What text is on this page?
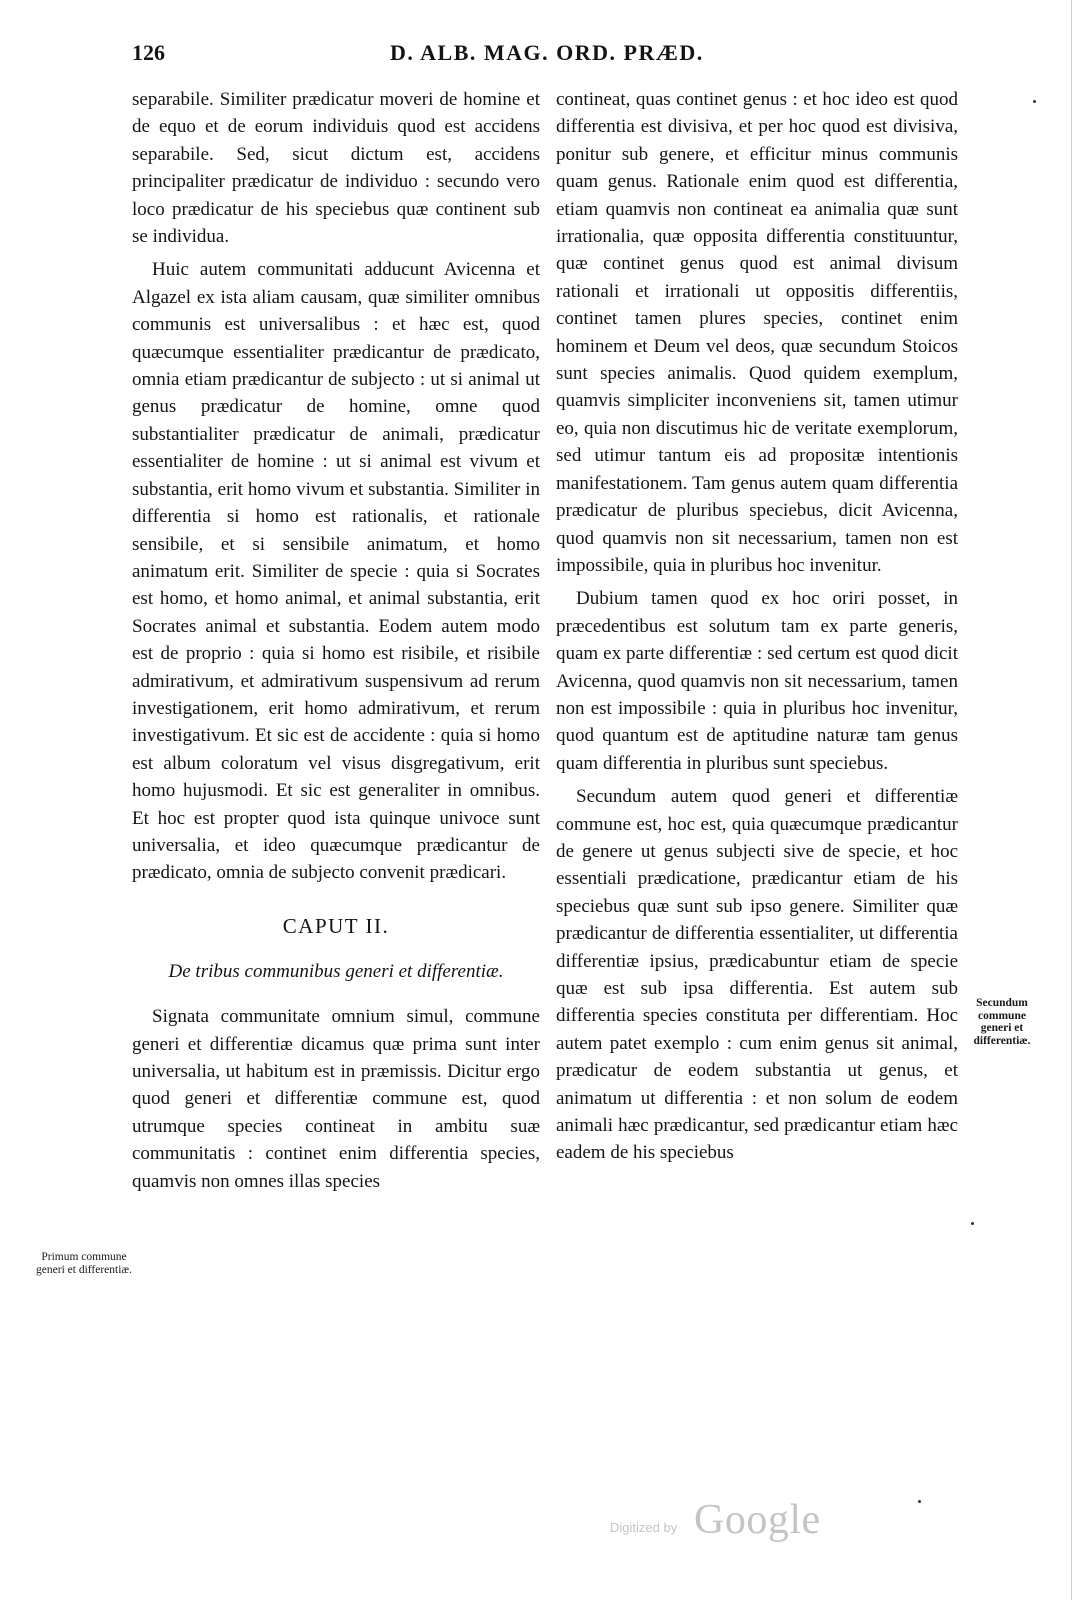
126	D. ALB. MAG. ORD. PRÆD.

separabile. Similiter prædicatur moveri de homine et de equo et de eorum individuis quod est accidens separabile. Sed, sicut dictum est, accidens principaliter prædicatur de individuo : secundo vero loco prædicatur de his speciebus quæ continent sub se individua.

Huic autem communitati adducunt Avicenna et Algazel ex ista aliam causam, quæ similiter omnibus communis est universalibus : et hæc est, quod quæcumque essentialiter prædicantur de prædicato, omnia etiam prædicantur de subjecto : ut si animal ut genus prædicatur de homine, omne quod substantialiter prædicatur de animali, prædicatur essentialiter de homine : ut si animal est vivum et substantia, erit homo vivum et substantia. Similiter in differentia si homo est rationalis, et rationale sensibile, et si sensibile animatum, et homo animatum erit. Similiter de specie : quia si Socrates est homo, et homo animal, et animal substantia, erit Socrates animal et substantia. Eodem autem modo est de proprio : quia si homo est risibile, et risibile admirativum, et admirativum suspensivum ad rerum investigationem, erit homo admirativum, et rerum investigativum. Et sic est de accidente : quia si homo est album coloratum vel visus disgregativum, erit homo hujusmodi. Et sic est generaliter in omnibus. Et hoc est propter quod ista quinque univoce sunt universalia, et ideo quæcumque prædicantur de prædicato, omnia de subjecto convenit prædicari.

CAPUT II.
De tribus communibus generi et differentiæ.

Signata communitate omnium simul, commune generi et differentiæ dicamus quæ prima sunt inter universalia, ut habitum est in præmissis. Dicitur ergo quod generi et differentiæ commune est, quod utrumque species contineat in ambitu suæ communitatis : continet enim differentia species, quamvis non omnes illas species

contineat, quas continet genus : et hoc ideo est quod differentia est divisiva, et per hoc quod est divisiva, ponitur sub genere, et efficitur minus communis quam genus. Rationale enim quod est differentia, etiam quamvis non contineat ea animalia quæ sunt irrationalia, quæ opposita differentia constituuntur, quæ continet genus quod est animal divisum rationali et irrationali ut oppositis differentiis, continet tamen plures species, continet enim hominem et Deum vel deos, quæ secundum Stoicos sunt species animalis. Quod quidem exemplum, quamvis simpliciter inconveniens sit, tamen utimur eo, quia non discutimus hic de veritate exemplorum, sed utimur tantum eis ad propositæ intentionis manifestationem. Tam genus autem quam differentia prædicatur de pluribus speciebus, dicit Avicenna, quod quamvis non sit necessarium, tamen non est impossibile, quia in pluribus hoc invenitur.

Dubium tamen quod ex hoc oriri posset, in præcedentibus est solutum tam ex parte generis, quam ex parte differentiæ : sed certum est quod dicit Avicenna, quod quamvis non sit necessarium, tamen non est impossibile : quia in pluribus hoc invenitur, quod quantum est de aptitudine naturæ tam genus quam differentia in pluribus sunt speciebus.

Secundum autem quod generi et differentiæ commune est, hoc est, quia quæcumque prædicantur de genere ut genus subjecti sive de specie, et hoc essentiali prædicatione, prædicantur etiam de his speciebus quæ sunt sub ipso genere. Similiter quæ prædicantur de differentia essentialiter, ut differentia differentiæ ipsius, prædicabuntur etiam de specie quæ est sub ipsa differentia. Est autem sub differentia species constituta per differentiam. Hoc autem patet exemplo : cum enim genus sit animal, prædicatur de eodem substantia ut genus, et animatum ut differentia : et non solum de eodem animali hæc prædicantur, sed prædicantur etiam hæc eadem de his speciebus

Primum commune generi et differentiæ.
Secundum commune generi et differentiæ.
Digitized by Google
